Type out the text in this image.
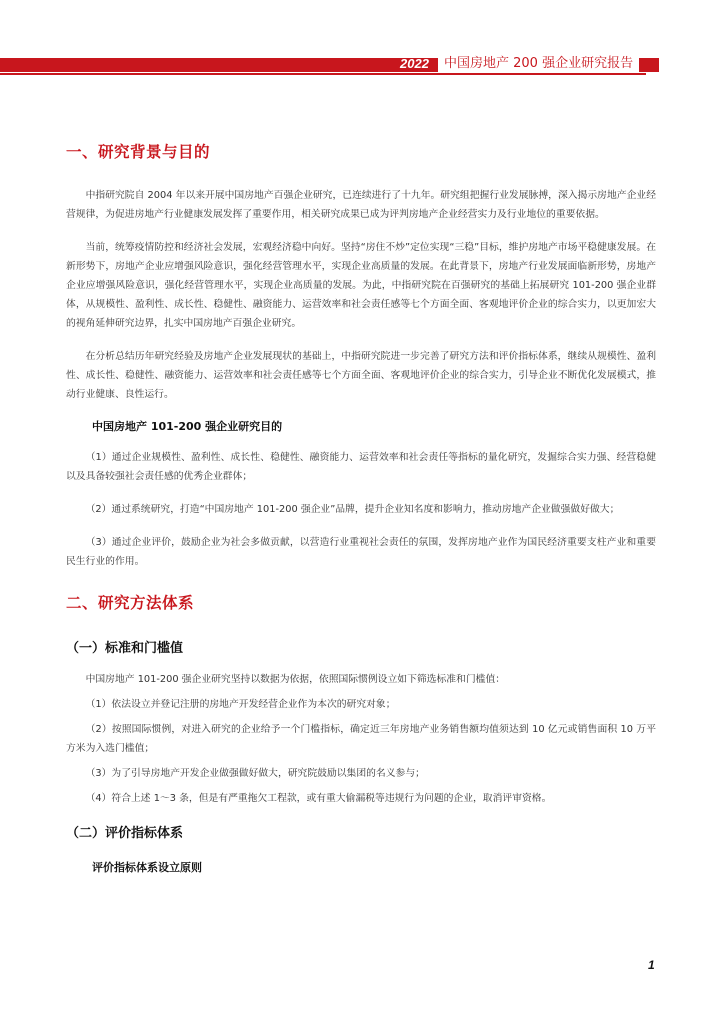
2022	中国房地产 200 强企业研究报告
一、研究背景与目的

中指研究院自 2004 年以来开展中国房地产百强企业研究，已连续进行了十九年。研究组把握行业发展脉搏，深入揭示房地产企业经营规律，为促进房地产行业健康发展发挥了重要作用，相关研究成果已成为评判房地产企业经营实力及行业地位的重要依据。

当前，统筹疫情防控和经济社会发展，宏观经济稳中向好。坚持“房住不炒”定位实现“三稳”目标，维护房地产市场平稳健康发展。在新形势下，房地产企业应增强风险意识，强化经营管理水平，实现企业高质量的发展。在此背景下，房地产行业发展面临新形势，房地产企业应增强风险意识，强化经营管理水平，实现企业高质量的发展。为此，中指研究院在百强研究的基础上拓展研究 101-200 强企业群体，从规模性、盈利性、成长性、稳健性、融资能力、运营效率和社会责任感等七个方面全面、客观地评价企业的综合实力，以更加宏大的视角延伸研究边界，扎实中国房地产百强企业研究。

在分析总结历年研究经验及房地产企业发展现状的基础上，中指研究院进一步完善了研究方法和评价指标体系，继续从规模性、盈利性、成长性、稳健性、融资能力、运营效率和社会责任感等七个方面全面、客观地评价企业的综合实力，引导企业不断优化发展模式，推动行业健康、良性运行。

中国房地产 101-200 强企业研究目的

（1）通过企业规模性、盈利性、成长性、稳健性、融资能力、运营效率和社会责任等指标的量化研究，发掘综合实力强、经营稳健以及具备较强社会责任感的优秀企业群体；

（2）通过系统研究，打造“中国房地产 101-200 强企业”品牌，提升企业知名度和影响力，推动房地产企业做强做好做大；

（3）通过企业评价，鼓励企业为社会多做贡献，以营造行业重视社会责任的氛围，发挥房地产业作为国民经济重要支柱产业和重要民生行业的作用。

二、研究方法体系
（一）标准和门槛值

中国房地产 101-200 强企业研究坚持以数据为依据，依照国际惯例设立如下筛选标准和门槛值：

（1）依法设立并登记注册的房地产开发经营企业作为本次的研究对象；

（2）按照国际惯例，对进入研究的企业给予一个门槛指标，确定近三年房地产业务销售额均值须达到 10 亿元或销售面积 10 万平方米为入选门槛值；

（3）为了引导房地产开发企业做强做好做大，研究院鼓励以集团的名义参与；

（4）符合上述 1～3 条，但是有严重拖欠工程款，或有重大偷漏税等违规行为问题的企业，取消评审资格。

（二）评价指标体系
评价指标体系设立原则
1
